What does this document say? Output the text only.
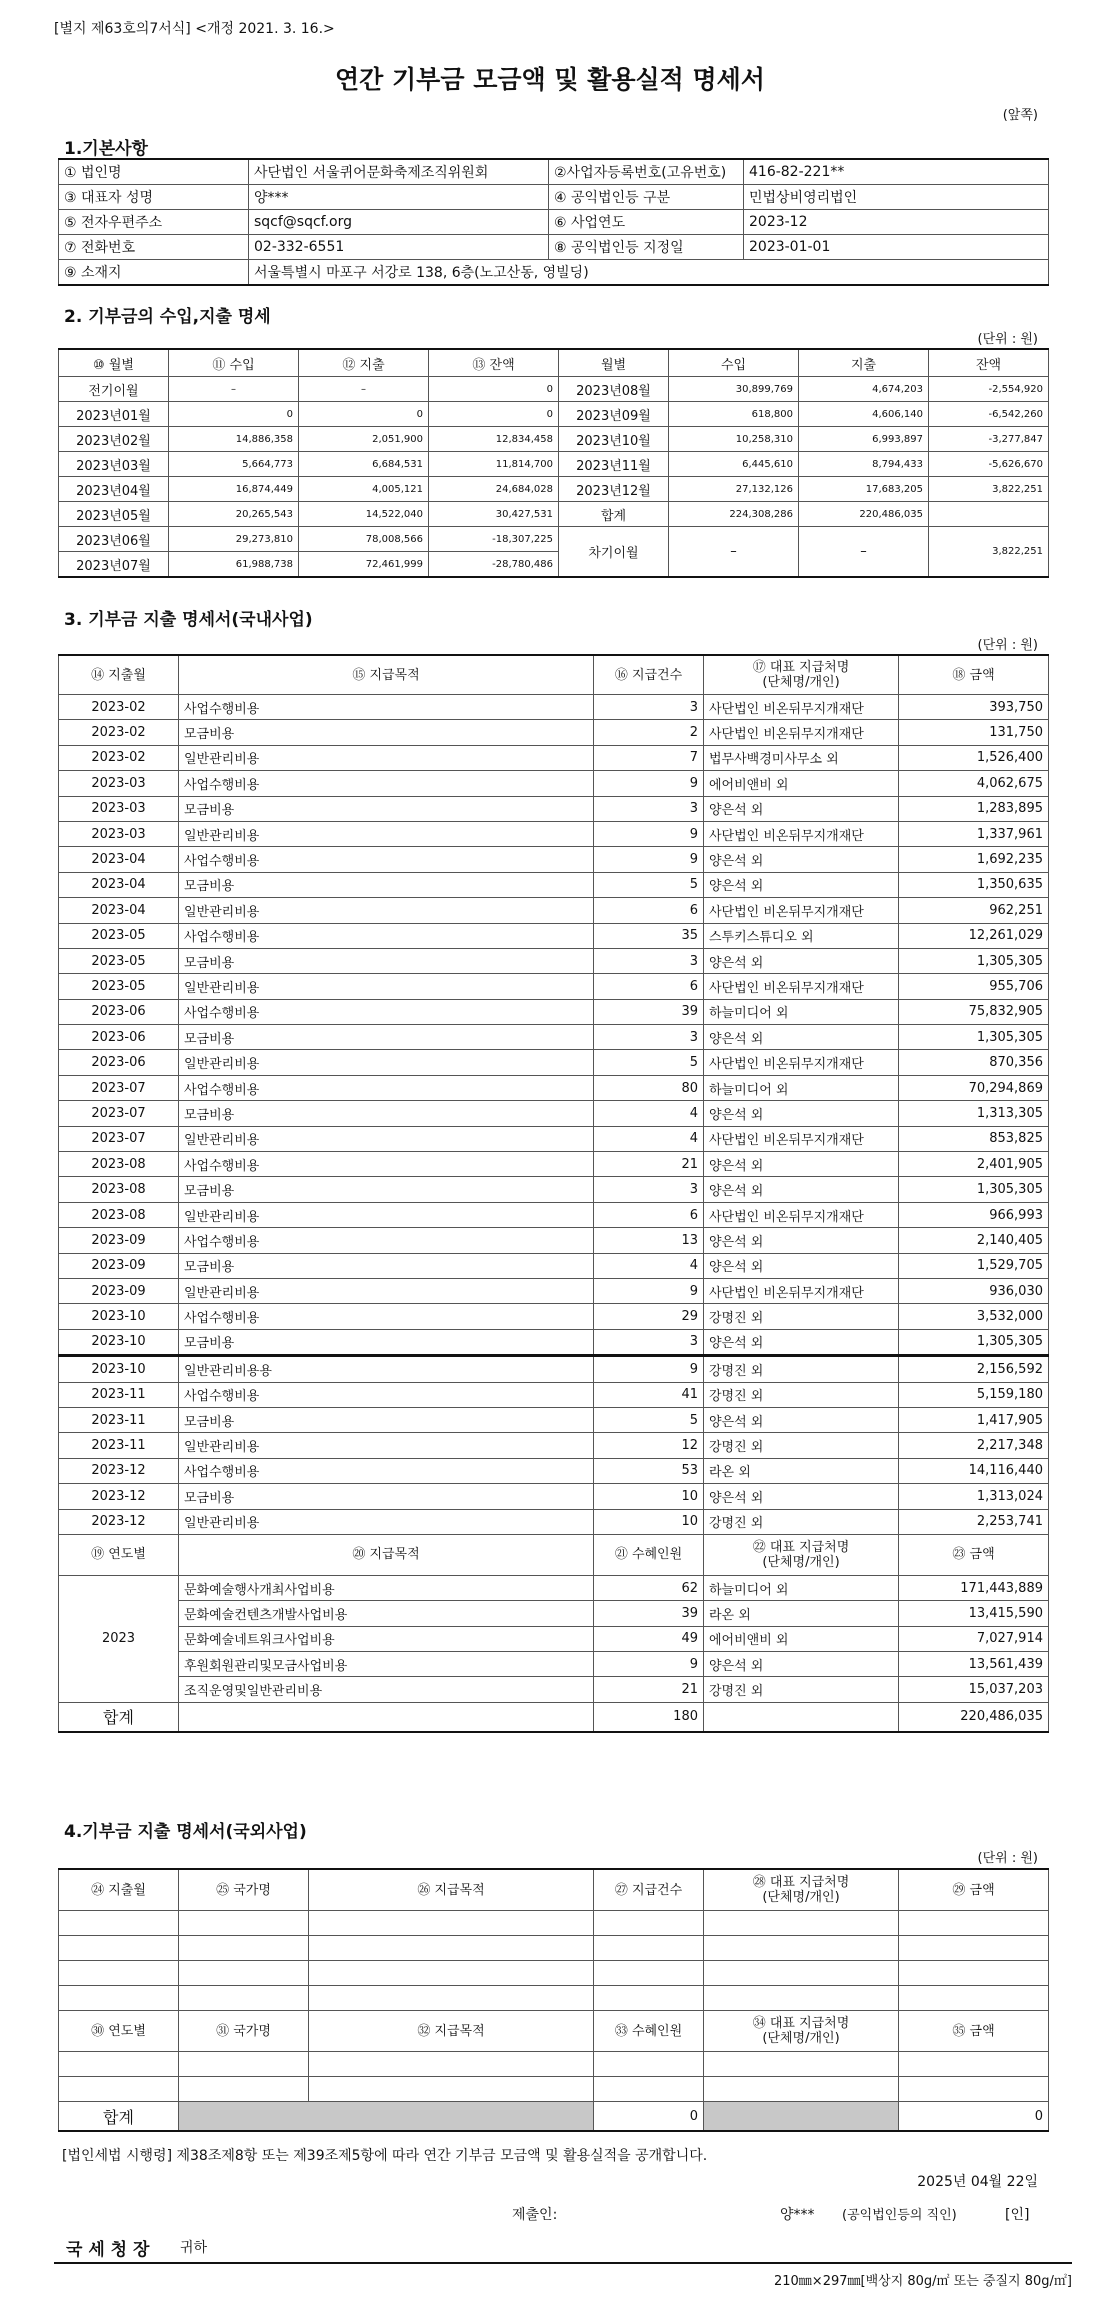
[별지 제63호의7서식] <개정 2021. 3. 16.>
연간 기부금 모금액 및 활용실적 명세서
(앞쪽)
1.기본사항
① 법인명	사단법인 서울퀴어문화축제조직위원회	②사업자등록번호(고유번호)	416-82-221**
③ 대표자 성명	양***	④ 공익법인등 구분	민법상비영리법인
⑤ 전자우편주소	sqcf@sqcf.org	⑥ 사업연도	2023-12
⑦ 전화번호	02-332-6551	⑧ 공익법인등 지정일	2023-01-01
⑨ 소재지	서울특별시 마포구 서강로 138, 6층(노고산동, 영빌딩)		
2. 기부금의 수입,지출 명세
(단위 : 원)
⑩ 월별	⑪ 수입	⑫ 지출	⑬ 잔액	월별	수입	지출	잔액
전기이월	–	–	0	2023년08월	30,899,769	4,674,203	-2,554,920
2023년01월	0	0	0	2023년09월	618,800	4,606,140	-6,542,260
2023년02월	14,886,358	2,051,900	12,834,458	2023년10월	10,258,310	6,993,897	-3,277,847
2023년03월	5,664,773	6,684,531	11,814,700	2023년11월	6,445,610	8,794,433	-5,626,670
2023년04월	16,874,449	4,005,121	24,684,028	2023년12월	27,132,126	17,683,205	3,822,251
2023년05월	20,265,543	14,522,040	30,427,531	합계	224,308,286	220,486,035	
2023년06월	29,273,810	78,008,566	-18,307,225	차기이월	–	–	3,822,251
2023년07월	61,988,738	72,461,999	-28,780,486				
3. 기부금 지출 명세서(국내사업)
(단위 : 원)
⑭ 지출월	⑮ 지급목적	⑯ 지급건수	⑰ 대표 지급처명
(단체명/개인)	⑱ 금액
2023-02	사업수행비용	3	사단법인 비온뒤무지개재단	393,750
2023-02	모금비용	2	사단법인 비온뒤무지개재단	131,750
2023-02	일반관리비용	7	법무사백경미사무소 외	1,526,400
2023-03	사업수행비용	9	에어비앤비 외	4,062,675
2023-03	모금비용	3	양은석 외	1,283,895
2023-03	일반관리비용	9	사단법인 비온뒤무지개재단	1,337,961
2023-04	사업수행비용	9	양은석 외	1,692,235
2023-04	모금비용	5	양은석 외	1,350,635
2023-04	일반관리비용	6	사단법인 비온뒤무지개재단	962,251
2023-05	사업수행비용	35	스투키스튜디오 외	12,261,029
2023-05	모금비용	3	양은석 외	1,305,305
2023-05	일반관리비용	6	사단법인 비온뒤무지개재단	955,706
2023-06	사업수행비용	39	하늘미디어 외	75,832,905
2023-06	모금비용	3	양은석 외	1,305,305
2023-06	일반관리비용	5	사단법인 비온뒤무지개재단	870,356
2023-07	사업수행비용	80	하늘미디어 외	70,294,869
2023-07	모금비용	4	양은석 외	1,313,305
2023-07	일반관리비용	4	사단법인 비온뒤무지개재단	853,825
2023-08	사업수행비용	21	양은석 외	2,401,905
2023-08	모금비용	3	양은석 외	1,305,305
2023-08	일반관리비용	6	사단법인 비온뒤무지개재단	966,993
2023-09	사업수행비용	13	양은석 외	2,140,405
2023-09	모금비용	4	양은석 외	1,529,705
2023-09	일반관리비용	9	사단법인 비온뒤무지개재단	936,030
2023-10	사업수행비용	29	강명진 외	3,532,000
2023-10	모금비용	3	양은석 외	1,305,305
2023-10	일반관리비용용	9	강명진 외	2,156,592
2023-11	사업수행비용	41	강명진 외	5,159,180
2023-11	모금비용	5	양은석 외	1,417,905
2023-11	일반관리비용	12	강명진 외	2,217,348
2023-12	사업수행비용	53	라온 외	14,116,440
2023-12	모금비용	10	양은석 외	1,313,024
2023-12	일반관리비용	10	강명진 외	2,253,741
⑲ 연도별	⑳ 지급목적	㉑ 수혜인원	㉒ 대표 지급처명
(단체명/개인)	㉓ 금액
2023	문화예술행사개최사업비용	62	하늘미디어 외	171,443,889
	문화예술컨텐츠개발사업비용	39	라온 외	13,415,590
	문화예술네트워크사업비용	49	에어비앤비 외	7,027,914
	후원회원관리및모금사업비용	9	양은석 외	13,561,439
	조직운영및일반관리비용	21	강명진 외	15,037,203
합계		180		220,486,035
4.기부금 지출 명세서(국외사업)
(단위 : 원)
㉔ 지출월	㉕ 국가명	㉖ 지급목적	㉗ 지급건수	㉘ 대표 지급처명
(단체명/개인)	㉙ 금액

㉚ 연도별	㉛ 국가명	㉜ 지급목적	㉝ 수혜인원	㉞ 대표 지급처명
(단체명/개인)	㉟ 금액

합계			0		0
[법인세법 시행령] 제38조제8항 또는 제39조제5항에 따라 연간 기부금 모금액 및 활용실적을 공개합니다.
2025년 04월 22일
제출인:	양*** (공익법인등의 직인)	[인]
국 세 청 장 귀하
210㎜×297㎜[백상지 80g/㎡ 또는 중질지 80g/㎡]
